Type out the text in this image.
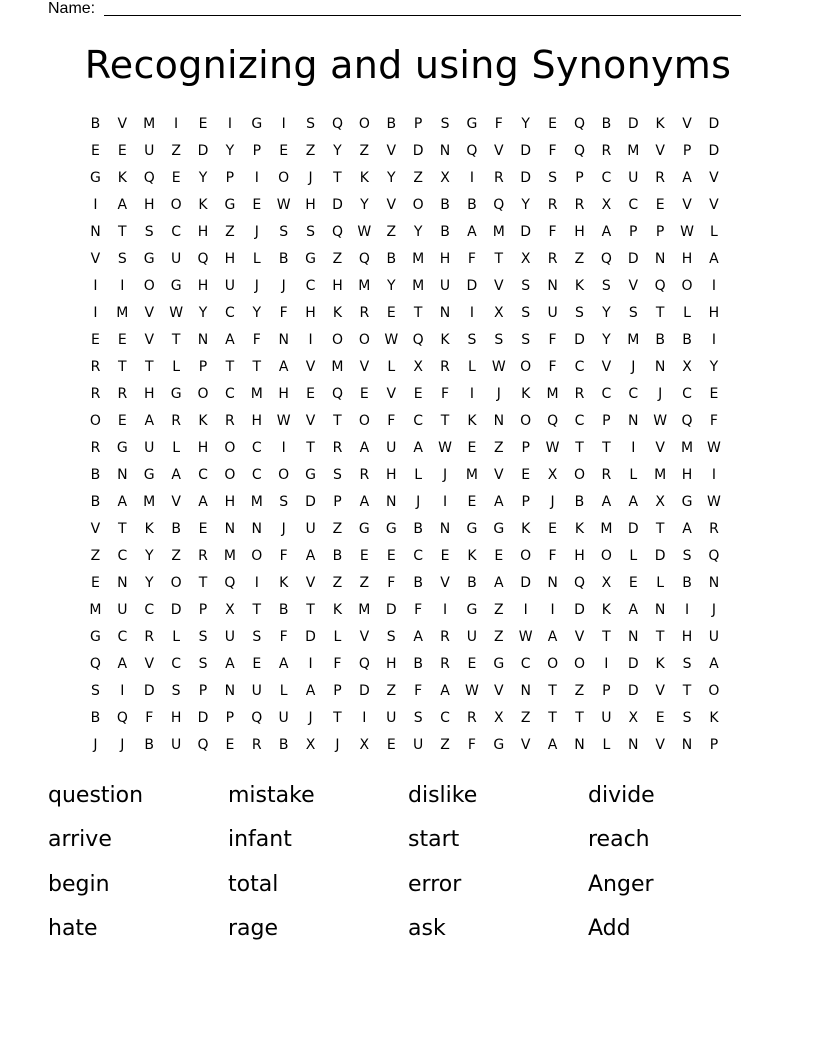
Name:
Recognizing and using Synonyms
B	V	M	I	E	I	G	I	S	Q	O	B	P	S	G	F	Y	E	Q	B	D	K	V	D
E	E	U	Z	D	Y	P	E	Z	Y	Z	V	D	N	Q	V	D	F	Q	R	M	V	P	D
G	K	Q	E	Y	P	I	O	J	T	K	Y	Z	X	I	R	D	S	P	C	U	R	A	V
I	A	H	O	K	G	E	W	H	D	Y	V	O	B	B	Q	Y	R	R	X	C	E	V	V
N	T	S	C	H	Z	J	S	S	Q	W	Z	Y	B	A	M	D	F	H	A	P	P	W	L
V	S	G	U	Q	H	L	B	G	Z	Q	B	M	H	F	T	X	R	Z	Q	D	N	H	A
I	I	O	G	H	U	J	J	C	H	M	Y	M	U	D	V	S	N	K	S	V	Q	O	I
I	M	V	W	Y	C	Y	F	H	K	R	E	T	N	I	X	S	U	S	Y	S	T	L	H
E	E	V	T	N	A	F	N	I	O	O	W	Q	K	S	S	S	F	D	Y	M	B	B	I
R	T	T	L	P	T	T	A	V	M	V	L	X	R	L	W	O	F	C	V	J	N	X	Y
R	R	H	G	O	C	M	H	E	Q	E	V	E	F	I	J	K	M	R	C	C	J	C	E
O	E	A	R	K	R	H	W	V	T	O	F	C	T	K	N	O	Q	C	P	N	W	Q	F
R	G	U	L	H	O	C	I	T	R	A	U	A	W	E	Z	P	W	T	T	I	V	M W
B	N	G	A	C	O	C	O	G	S	R	H	L	J	M	V	E	X	O	R	L	M	H	I
B	A	M	V	A	H	M	S	D	P	A	N	J	I	E	A	P	J	B	A	A	X	G	W
V	T	K	B	E	N	N	J	U	Z	G	G	B	N	G	G	K	E	K	M	D	T	A	R
Z	C	Y	Z	R	M	O	F	A	B	E	E	C	E	K	E	O	F	H	O	L	D	S	Q
E	N	Y	O	T	Q	I	K	V	Z	Z	F	B	V	B	A	D	N	Q	X	E	L	B	N
M	U	C	D	P	X	T	B	T	K	M	D	F	I	G	Z	I	I	D	K	A	N	I	J
G	C	R	L	S	U	S	F	D	L	V	S	A	R	U	Z	W	A	V	T	N	T	H	U
Q	A	V	C	S	A	E	A	I	F	Q	H	B	R	E	G	C	O	O	I	D	K	S	A
S	I	D	S	P	N	U	L	A	P	D	Z	F	A	W	V	N	T	Z	P	D	V	T	O
B	Q	F	H	D	P	Q	U	J	T	I	U	S	C	R	X	Z	T	T	U	X	E	S	K
J	J	B	U	Q	E	R	B	X	J	X	E	U	Z	F	G	V	A	N	L	N	V	N	P
question	mistake	dislike	divide
arrive	infant	start	reach
begin	total	error	Anger
hate	rage	ask	Add
